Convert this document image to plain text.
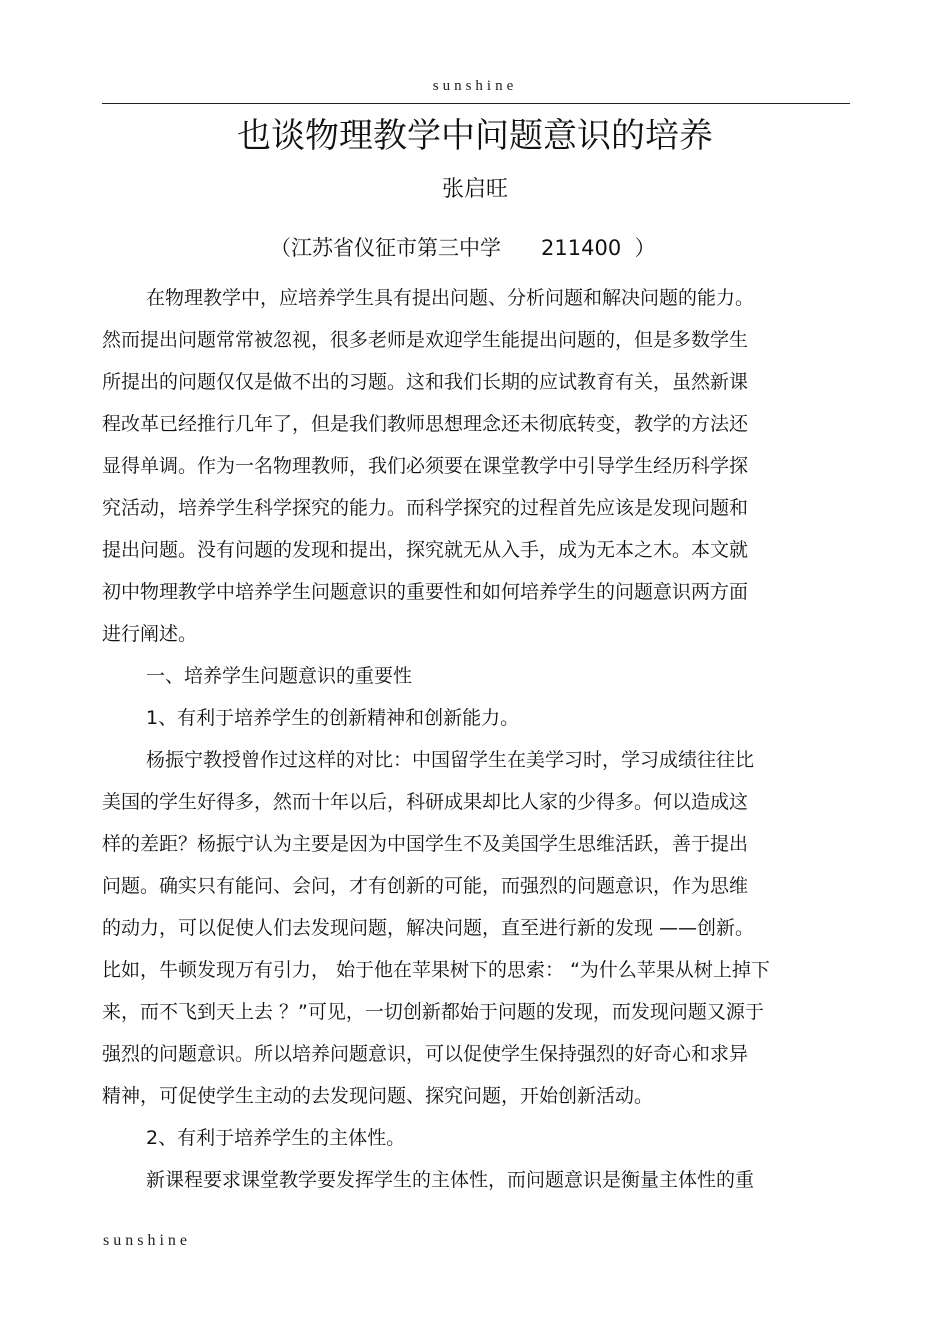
sunshine
也谈物理教学中问题意识的培养
张启旺
（江苏省仪征市第三中学      211400  ）
在物理教学中，应培养学生具有提出问题、分析问题和解决问题的能力。
然而提出问题常常被忽视，很多老师是欢迎学生能提出问题的，但是多数学生
所提出的问题仅仅是做不出的习题。这和我们长期的应试教育有关，虽然新课
程改革已经推行几年了，但是我们教师思想理念还未彻底转变，教学的方法还
显得单调。作为一名物理教师，我们必须要在课堂教学中引导学生经历科学探
究活动，培养学生科学探究的能力。而科学探究的过程首先应该是发现问题和
提出问题。没有问题的发现和提出，探究就无从入手，成为无本之木。本文就
初中物理教学中培养学生问题意识的重要性和如何培养学生的问题意识两方面
进行阐述。
一、培养学生问题意识的重要性
1、有利于培养学生的创新精神和创新能力。
杨振宁教授曾作过这样的对比：中国留学生在美学习时，学习成绩往往比
美国的学生好得多，然而十年以后，科研成果却比人家的少得多。何以造成这
样的差距？杨振宁认为主要是因为中国学生不及美国学生思维活跃，善于提出
问题。确实只有能问、会问，才有创新的可能，而强烈的问题意识，作为思维
的动力，可以促使人们去发现问题，解决问题，直至进行新的发现 ——创新。
比如，牛顿发现万有引力， 始于他在苹果树下的思索： “为什么苹果从树上掉下
来，而不飞到天上去 ？”可见，一切创新都始于问题的发现，而发现问题又源于
强烈的问题意识。所以培养问题意识，可以促使学生保持强烈的好奇心和求异
精神，可促使学生主动的去发现问题、探究问题，开始创新活动。
2、有利于培养学生的主体性。
新课程要求课堂教学要发挥学生的主体性，而问题意识是衡量主体性的重
sunshine
